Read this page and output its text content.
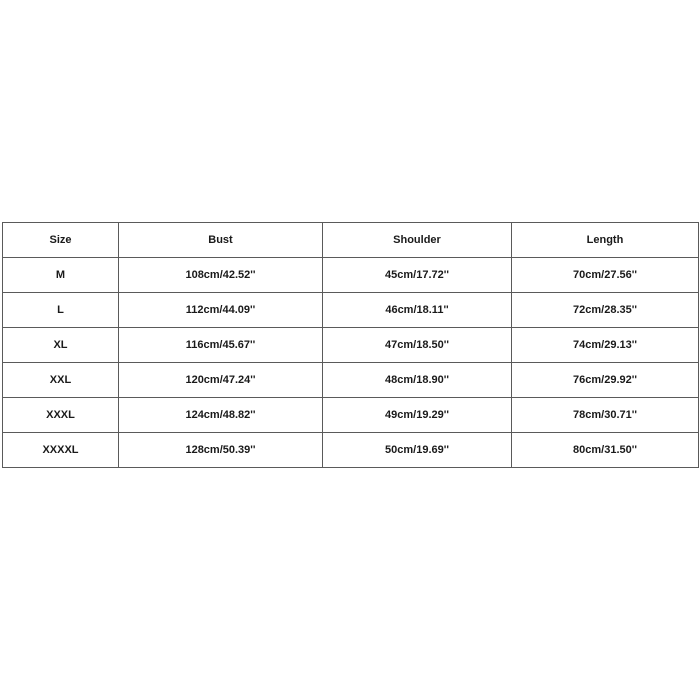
Size	Bust	Shoulder	Length
M	108cm/42.52''	45cm/17.72''	70cm/27.56''
L	112cm/44.09''	46cm/18.11''	72cm/28.35''
XL	116cm/45.67''	47cm/18.50''	74cm/29.13''
XXL	120cm/47.24''	48cm/18.90''	76cm/29.92''
XXXL	124cm/48.82''	49cm/19.29''	78cm/30.71''
XXXXL	128cm/50.39''	50cm/19.69''	80cm/31.50''
